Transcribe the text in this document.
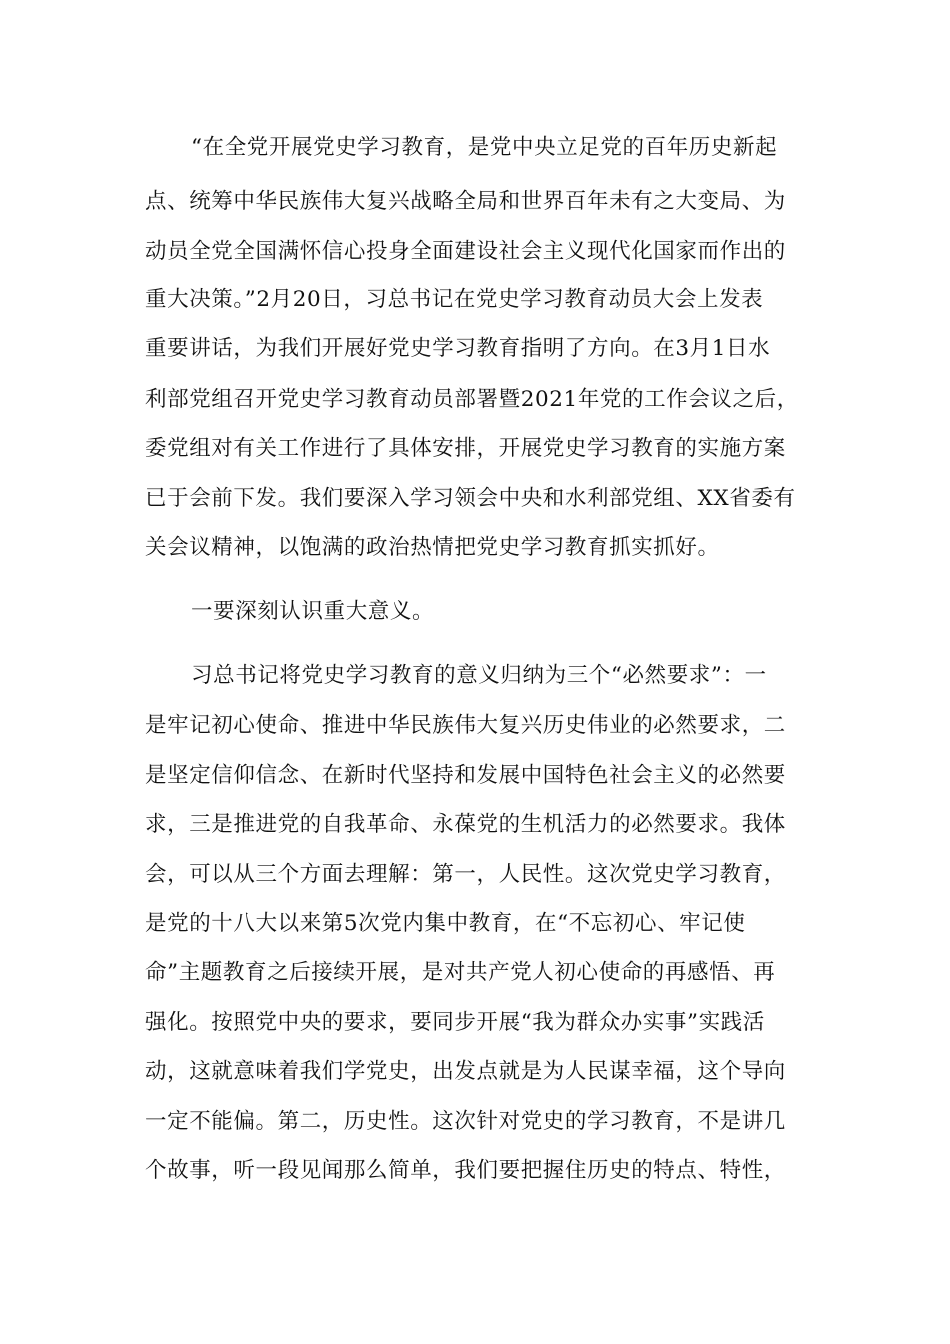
“在全党开展党史学习教育，是党中央立足党的百年历史新起
点、统筹中华民族伟大复兴战略全局和世界百年未有之大变局、为
动员全党全国满怀信心投身全面建设社会主义现代化国家而作出的
重大决策。”2月20日，习总书记在党史学习教育动员大会上发表
重要讲话，为我们开展好党史学习教育指明了方向。在3月1日水
利部党组召开党史学习教育动员部署暨2021年党的工作会议之后，
委党组对有关工作进行了具体安排，开展党史学习教育的实施方案
已于会前下发。我们要深入学习领会中央和水利部党组、XX省委有
关会议精神，以饱满的政治热情把党史学习教育抓实抓好。
一要深刻认识重大意义。
习总书记将党史学习教育的意义归纳为三个“必然要求”：一
是牢记初心使命、推进中华民族伟大复兴历史伟业的必然要求，二
是坚定信仰信念、在新时代坚持和发展中国特色社会主义的必然要
求，三是推进党的自我革命、永葆党的生机活力的必然要求。我体
会，可以从三个方面去理解：第一，人民性。这次党史学习教育，
是党的十八大以来第5次党内集中教育，在“不忘初心、牢记使
命”主题教育之后接续开展，是对共产党人初心使命的再感悟、再
强化。按照党中央的要求，要同步开展“我为群众办实事”实践活
动，这就意味着我们学党史，出发点就是为人民谋幸福，这个导向
一定不能偏。第二，历史性。这次针对党史的学习教育，不是讲几
个故事，听一段见闻那么简单，我们要把握住历史的特点、特性，
